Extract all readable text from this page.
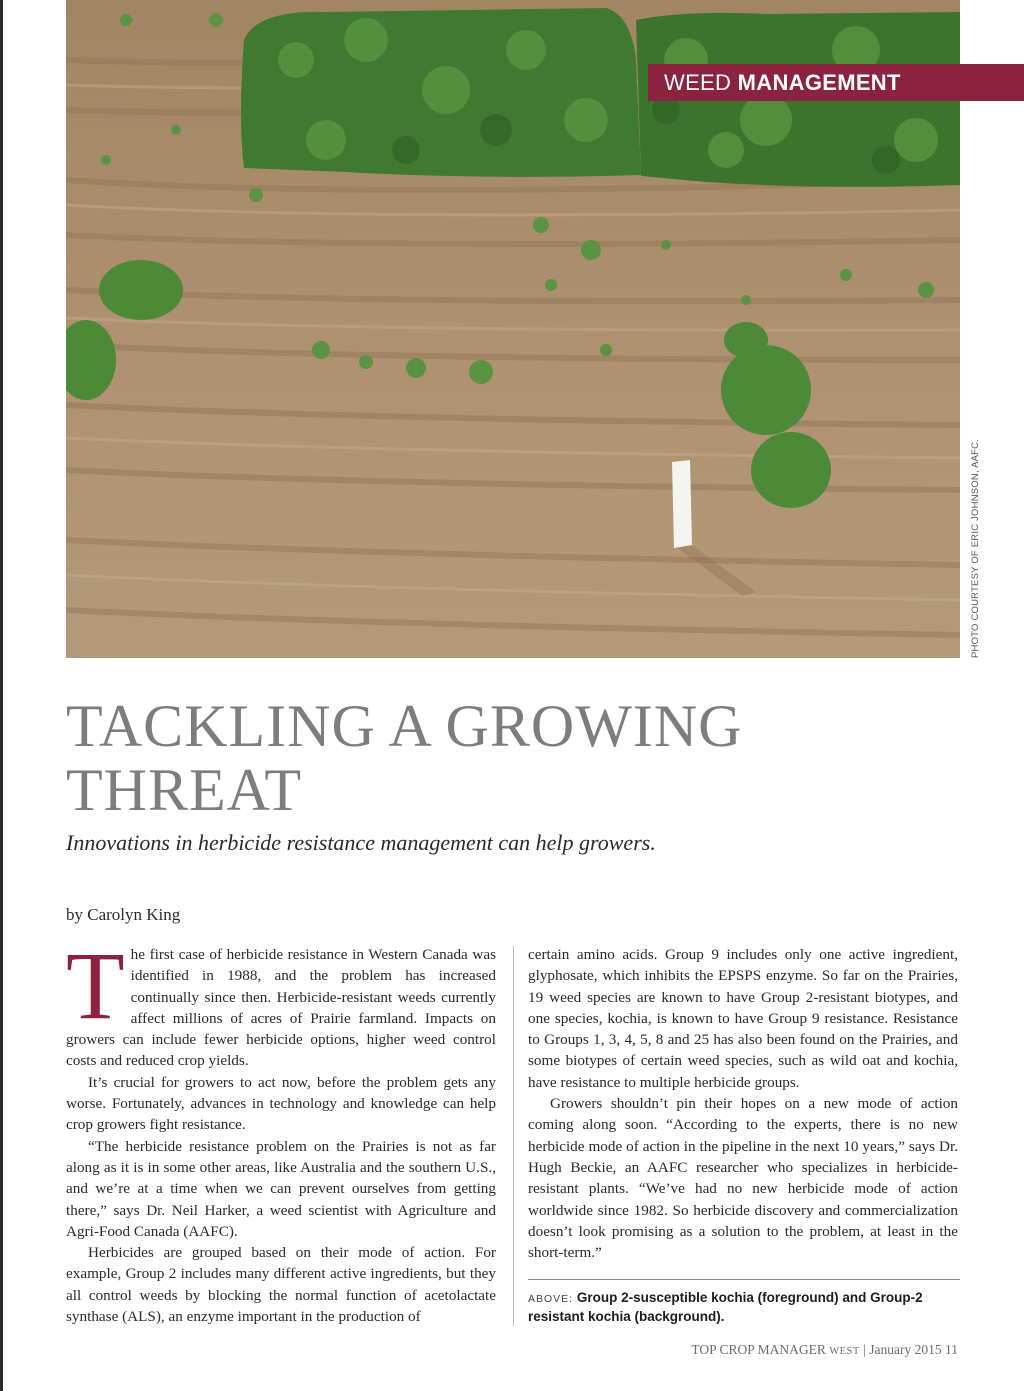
WEED MANAGEMENT
PHOTO COURTESY OF ERIC JOHNSON, AAFC.
TACKLING A GROWING
THREAT
Innovations in herbicide resistance management can help growers.
by Carolyn King

The first case of herbicide resistance in Western Canada was identified in 1988, and the problem has increased continually since then. Herbicide-resistant weeds currently affect millions of acres of Prairie farmland. Impacts on growers can include fewer herbicide options, higher weed control costs and reduced crop yields.

It’s crucial for growers to act now, before the problem gets any worse. Fortunately, advances in technology and knowledge can help crop growers fight resistance.

“The herbicide resistance problem on the Prairies is not as far along as it is in some other areas, like Australia and the southern U.S., and we’re at a time when we can prevent ourselves from getting there,” says Dr. Neil Harker, a weed scientist with Agriculture and Agri-Food Canada (AAFC).

Herbicides are grouped based on their mode of action. For example, Group 2 includes many different active ingredients, but they all control weeds by blocking the normal function of acetolactate synthase (ALS), an enzyme important in the production of

certain amino acids. Group 9 includes only one active ingredient, glyphosate, which inhibits the EPSPS enzyme. So far on the Prairies, 19 weed species are known to have Group 2-resistant biotypes, and one species, kochia, is known to have Group 9 resistance. Resistance to Groups 1, 3, 4, 5, 8 and 25 has also been found on the Prairies, and some biotypes of certain weed species, such as wild oat and kochia, have resistance to multiple herbicide groups.

Growers shouldn’t pin their hopes on a new mode of action coming along soon. “According to the experts, there is no new herbicide mode of action in the pipeline in the next 10 years,” says Dr. Hugh Beckie, an AAFC researcher who specializes in herbicide-resistant plants. “We’ve had no new herbicide mode of action worldwide since 1982. So herbicide discovery and commercialization doesn’t look promising as a solution to the problem, at least in the short-term.”

ABOVE: Group 2-susceptible kochia (foreground) and Group-2 resistant kochia (background).
TOP CROP MANAGER WEST | January 2015 11
